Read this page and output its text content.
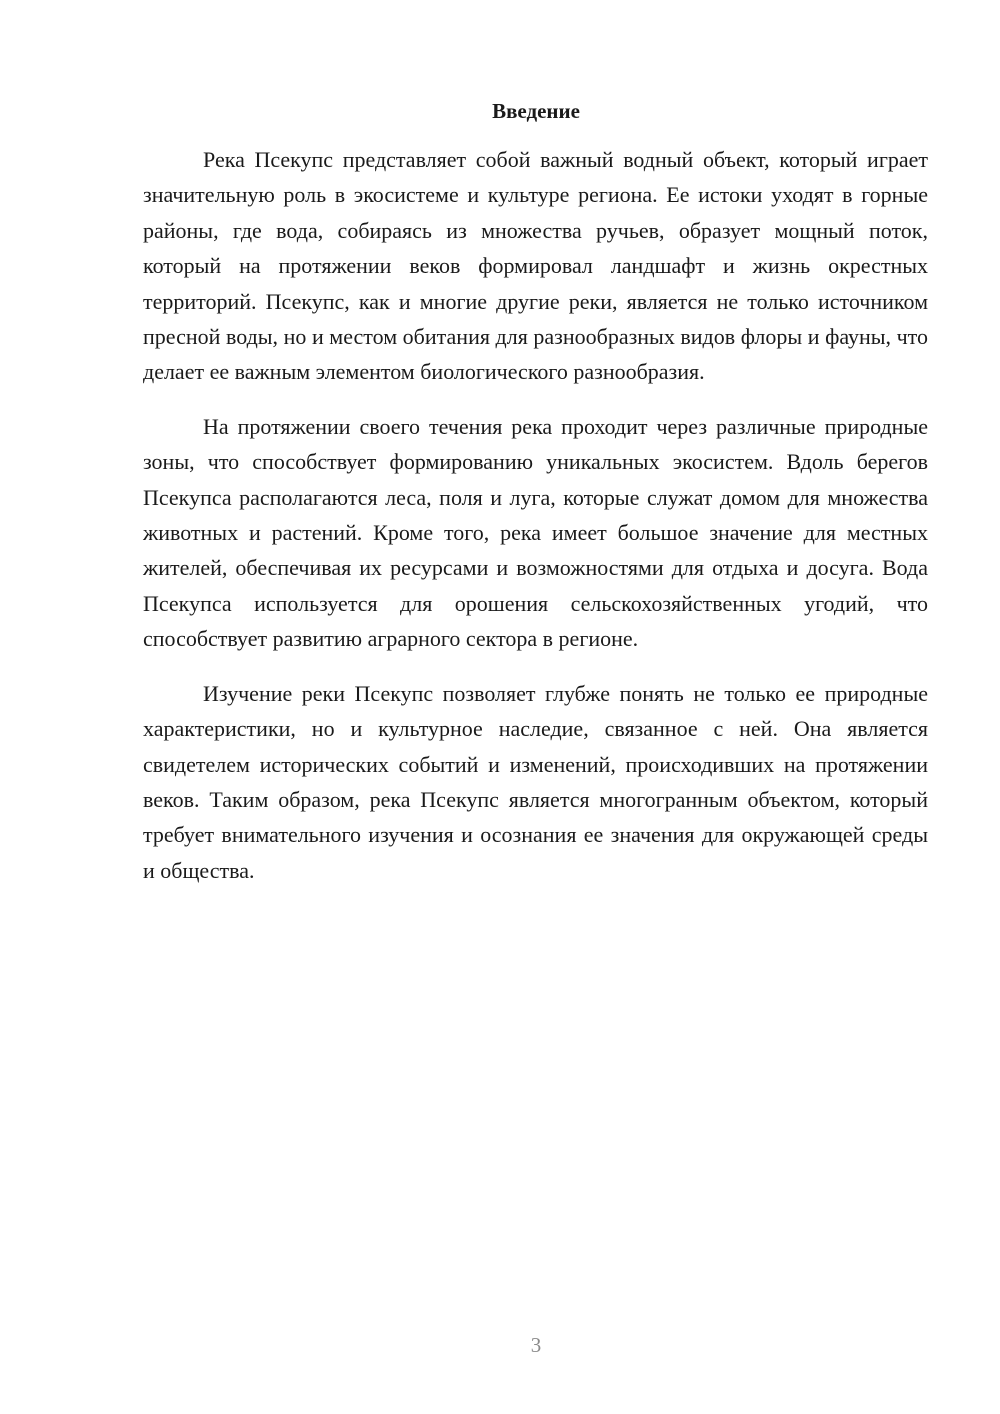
Введение

Река Псекупс представляет собой важный водный объект, который играет значительную роль в экосистеме и культуре региона. Ее истоки уходят в горные районы, где вода, собираясь из множества ручьев, образует мощный поток, который на протяжении веков формировал ландшафт и жизнь окрестных территорий. Псекупс, как и многие другие реки, является не только источником пресной воды, но и местом обитания для разнообразных видов флоры и фауны, что делает ее важным элементом биологического разнообразия.

На протяжении своего течения река проходит через различные природные зоны, что способствует формированию уникальных экосистем. Вдоль берегов Псекупса располагаются леса, поля и луга, которые служат домом для множества животных и растений. Кроме того, река имеет большое значение для местных жителей, обеспечивая их ресурсами и возможностями для отдыха и досуга. Вода Псекупса используется для орошения сельскохозяйственных угодий, что способствует развитию аграрного сектора в регионе.

Изучение реки Псекупс позволяет глубже понять не только ее природные характеристики, но и культурное наследие, связанное с ней. Она является свидетелем исторических событий и изменений, происходивших на протяжении веков. Таким образом, река Псекупс является многогранным объектом, который требует внимательного изучения и осознания ее значения для окружающей среды и общества.

3
